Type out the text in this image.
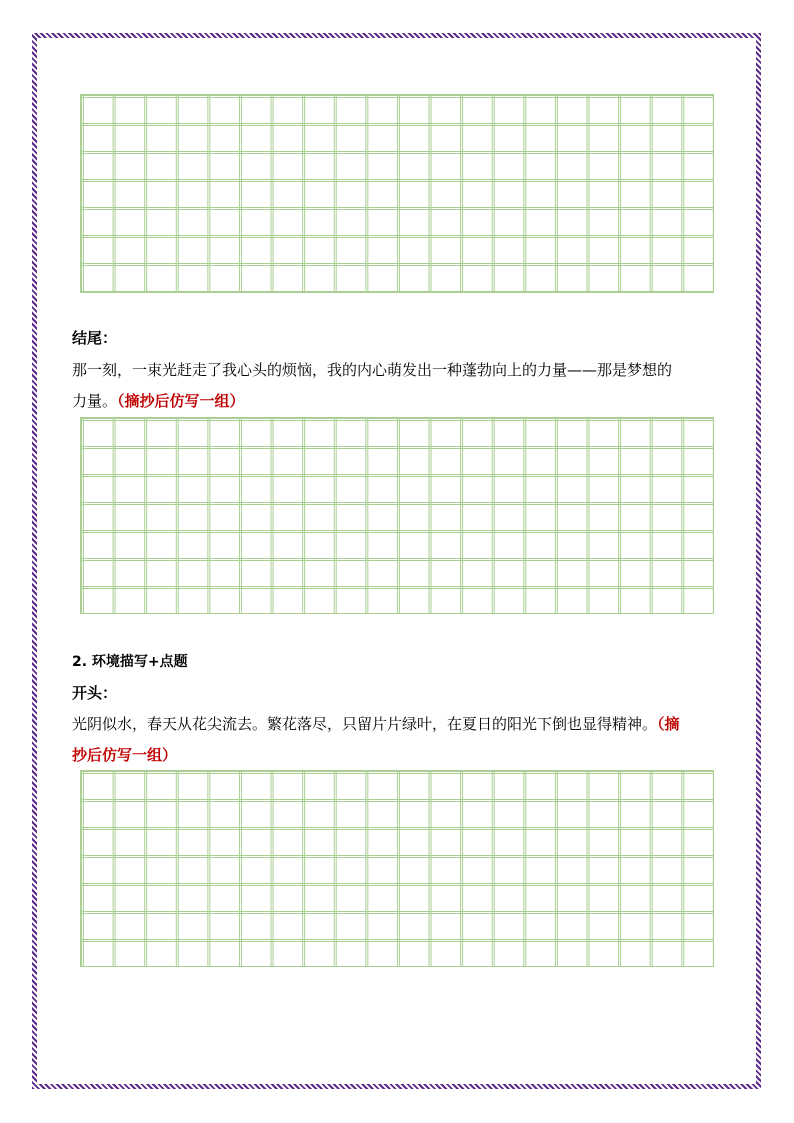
结尾：
那一刻，一束光赶走了我心头的烦恼，我的内心萌发出一种蓬勃向上的力量——那是梦想的
力量。（摘抄后仿写一组）
2. 环境描写+点题
开头：
光阴似水，春天从花尖流去。繁花落尽，只留片片绿叶，在夏日的阳光下倒也显得精神。（摘
抄后仿写一组）
